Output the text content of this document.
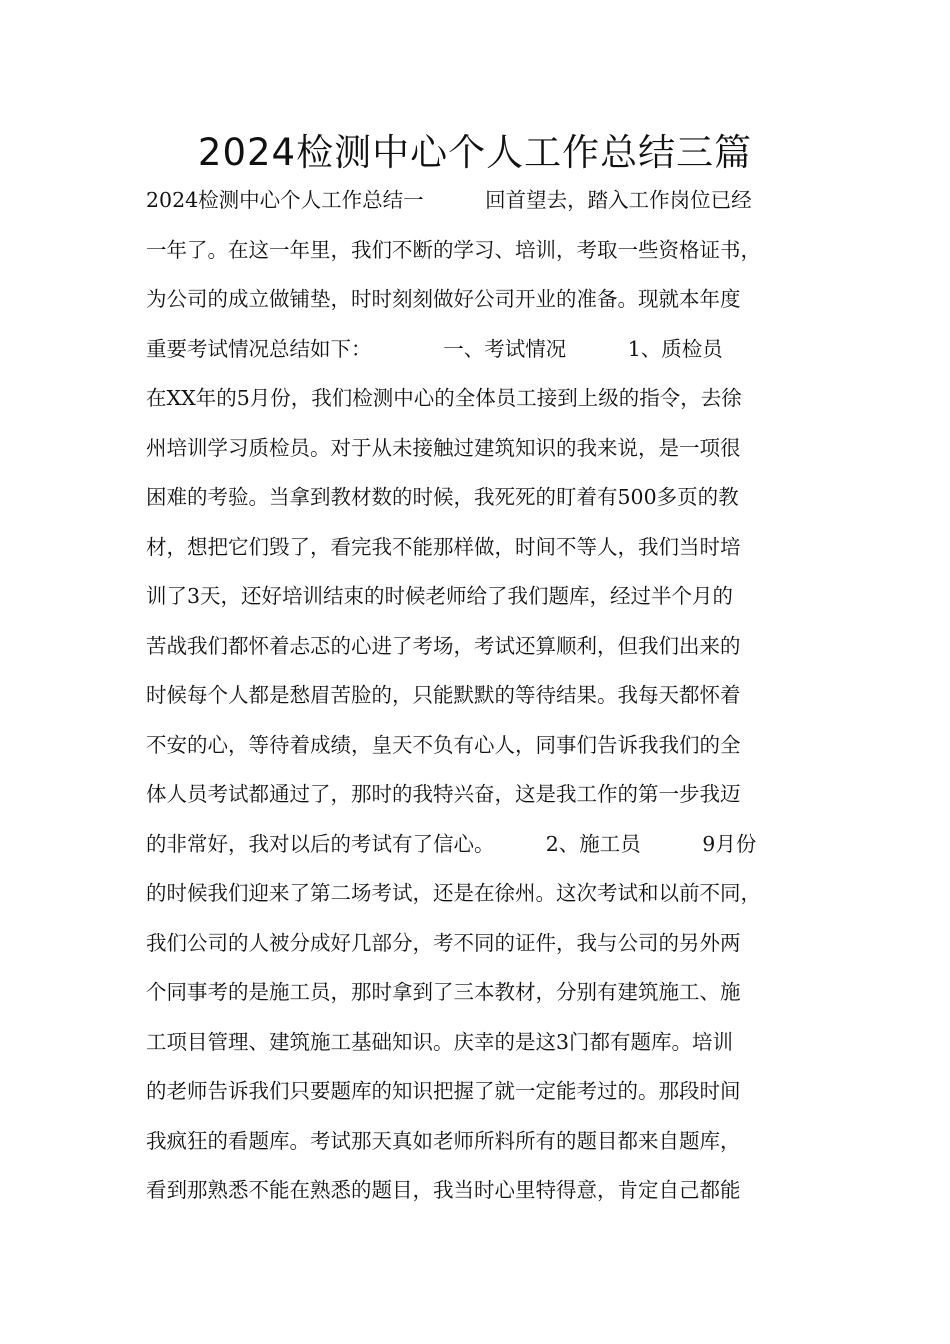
2024检测中心个人工作总结三篇
2024检测中心个人工作总结一　　　回首望去，踏入工作岗位已经
一年了。在这一年里，我们不断的学习、培训，考取一些资格证书，
为公司的成立做铺垫，时时刻刻做好公司开业的准备。现就本年度
重要考试情况总结如下：　　　　一、考试情况　　　1、质检员
在XX年的5月份，我们检测中心的全体员工接到上级的指令，去徐
州培训学习质检员。对于从未接触过建筑知识的我来说，是一项很
困难的考验。当拿到教材数的时候，我死死的盯着有500多页的教
材，想把它们毁了，看完我不能那样做，时间不等人，我们当时培
训了3天，还好培训结束的时候老师给了我们题库，经过半个月的
苦战我们都怀着忐忑的心进了考场，考试还算顺利，但我们出来的
时候每个人都是愁眉苦脸的，只能默默的等待结果。我每天都怀着
不安的心，等待着成绩，皇天不负有心人，同事们告诉我我们的全
体人员考试都通过了，那时的我特兴奋，这是我工作的第一步我迈
的非常好，我对以后的考试有了信心。　　　2、施工员　　　9月份
的时候我们迎来了第二场考试，还是在徐州。这次考试和以前不同，
我们公司的人被分成好几部分，考不同的证件，我与公司的另外两
个同事考的是施工员，那时拿到了三本教材，分别有建筑施工、施
工项目管理、建筑施工基础知识。庆幸的是这3门都有题库。培训
的老师告诉我们只要题库的知识把握了就一定能考过的。那段时间
我疯狂的看题库。考试那天真如老师所料所有的题目都来自题库，
看到那熟悉不能在熟悉的题目，我当时心里特得意，肯定自己都能
